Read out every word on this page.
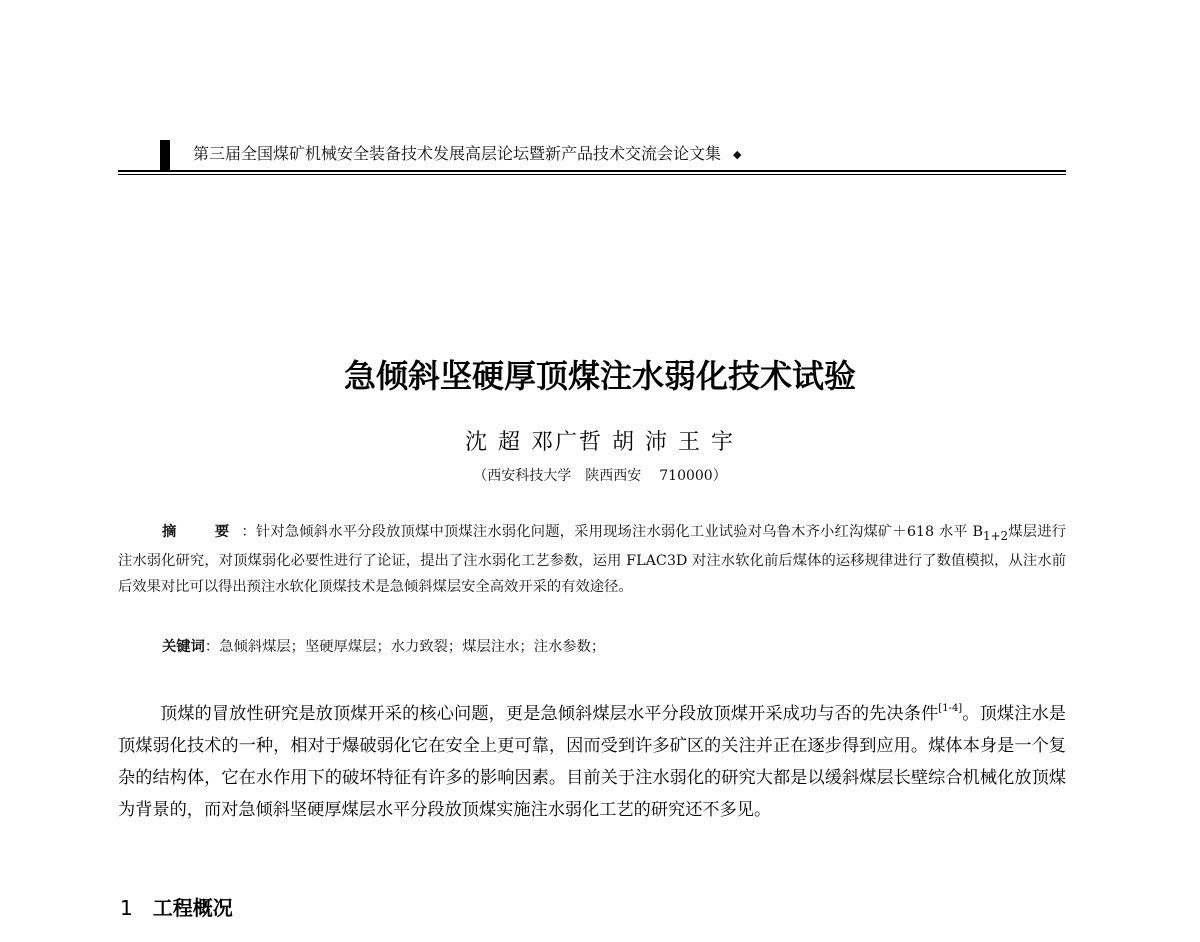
第三届全国煤矿机械安全装备技术发展高层论坛暨新产品技术交流会论文集 ◆
急倾斜坚硬厚顶煤注水弱化技术试验
沈 超 邓广哲 胡 沛 王 宇
（西安科技大学　陕西西安 710000）

摘　要：针对急倾斜水平分段放顶煤中顶煤注水弱化问题，采用现场注水弱化工业试验对乌鲁木齐小红沟煤矿＋618 水平 $B_{1+2}$煤层进行注水弱化研究，对顶煤弱化必要性进行了论证，提出了注水弱化工艺参数，运用 FLAC3D 对注水软化前后煤体的运移规律进行了数值模拟，从注水前后效果对比可以得出预注水软化顶煤技术是急倾斜煤层安全高效开采的有效途径。

关键词：急倾斜煤层；坚硬厚煤层；水力致裂；煤层注水；注水参数；

顶煤的冒放性研究是放顶煤开采的核心问题，更是急倾斜煤层水平分段放顶煤开采成功与否的先决条件[1-4]。顶煤注水是顶煤弱化技术的一种，相对于爆破弱化它在安全上更可靠，因而受到许多矿区的关注并正在逐步得到应用。煤体本身是一个复杂的结构体，它在水作用下的破坏特征有许多的影响因素。目前关于注水弱化的研究大都是以缓斜煤层长壁综合机械化放顶煤为背景的，而对急倾斜坚硬厚煤层水平分段放顶煤实施注水弱化工艺的研究还不多见。

1 工程概况
